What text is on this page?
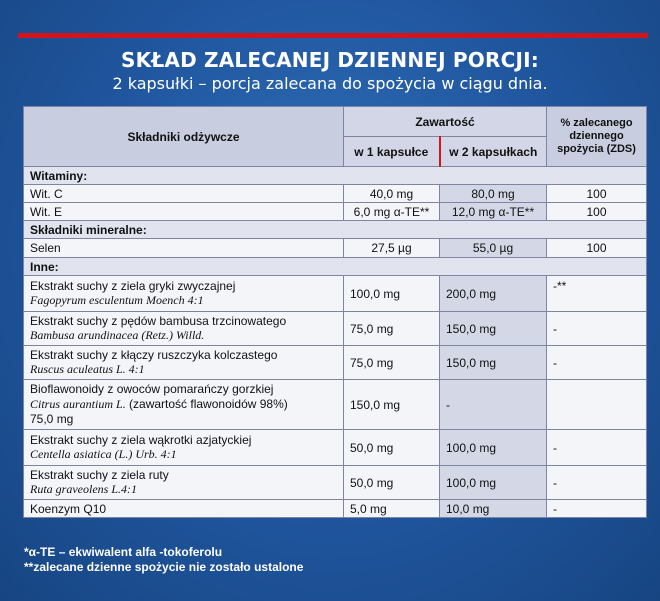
SKŁAD ZALECANEJ DZIENNEJ PORCJI:
2 kapsułki – porcja zalecana do spożycia w ciągu dnia.
Składniki odżywcze	Zawartość		% zalecanego dziennego spożycia (ZDS)
	w 1 kapsułce	w 2 kapsułkach	
Witaminy:			
Wit. C	40,0 mg	80,0 mg	100
Wit. E	6,0 mg α-TE**	12,0 mg α-TE**	100
Składniki mineralne:			
Selen	27,5 µg	55,0 µg	100
Inne:			
Ekstrakt suchy z ziela gryki zwyczajnej
Fagopyrum esculentum Moench 4:1	100,0 mg	200,0 mg	-**
Ekstrakt suchy z pędów bambusa trzcinowatego
Bambusa arundinacea (Retz.) Willd.	75,0 mg	150,0 mg	-
Ekstrakt suchy z kłączy ruszczyka kolczastego
Ruscus aculeatus L. 4:1	75,0 mg	150,0 mg	-
Bioflawonoidy z owoców pomarańczy gorzkiej
Citrus aurantium L. (zawartość flawonoidów 98%)
75,0 mg	150,0 mg	-	
Ekstrakt suchy z ziela wąkrotki azjatyckiej
Centella asiatica (L.) Urb. 4:1	50,0 mg	100,0 mg	-
Ekstrakt suchy z ziela ruty
Ruta graveolens L.4:1	50,0 mg	100,0 mg	-
Koenzym Q10	5,0 mg	10,0 mg	-
*α-TE – ekwiwalent alfa -tokoferolu
**zalecane dzienne spożycie nie zostało ustalone
